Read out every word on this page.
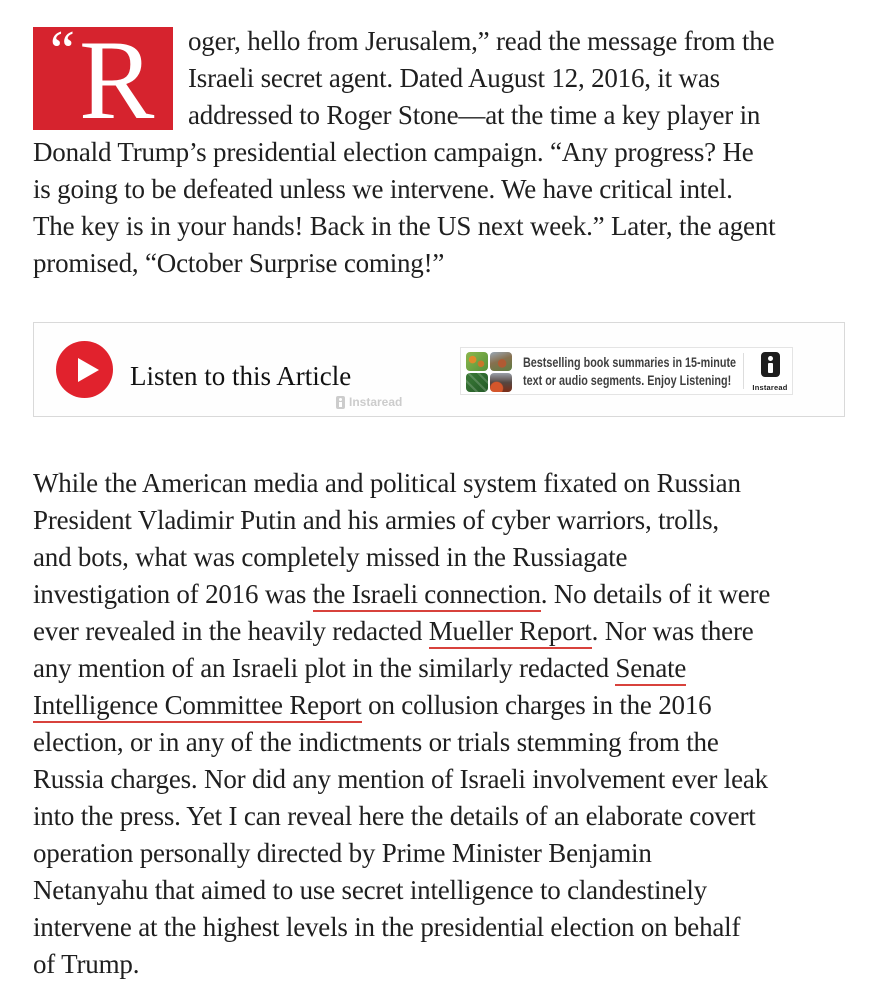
“ R	oger, hello from Jerusalem,” read the message from the
Israeli secret agent. Dated August 12, 2016, it was
addressed to Roger Stone—at the time a key player in
Donald Trump’s presidential election campaign. “Any progress? He
is going to be defeated unless we intervene. We have critical intel.
The key is in your hands! Back in the US next week.” Later, the agent
promised, “October Surprise coming!”
Listen to this Article
Instaread
Bestselling book summaries in 15-minute
text or audio segments. Enjoy Listening!	Instaread
While the American media and political system fixated on Russian
President Vladimir Putin and his armies of cyber warriors, trolls,
and bots, what was completely missed in the Russiagate
investigation of 2016 was the Israeli connection. No details of it were
ever revealed in the heavily redacted Mueller Report. Nor was there
any mention of an Israeli plot in the similarly redacted Senate
Intelligence Committee Report on collusion charges in the 2016
election, or in any of the indictments or trials stemming from the
Russia charges. Nor did any mention of Israeli involvement ever leak
into the press. Yet I can reveal here the details of an elaborate covert
operation personally directed by Prime Minister Benjamin
Netanyahu that aimed to use secret intelligence to clandestinely
intervene at the highest levels in the presidential election on behalf
of Trump.
